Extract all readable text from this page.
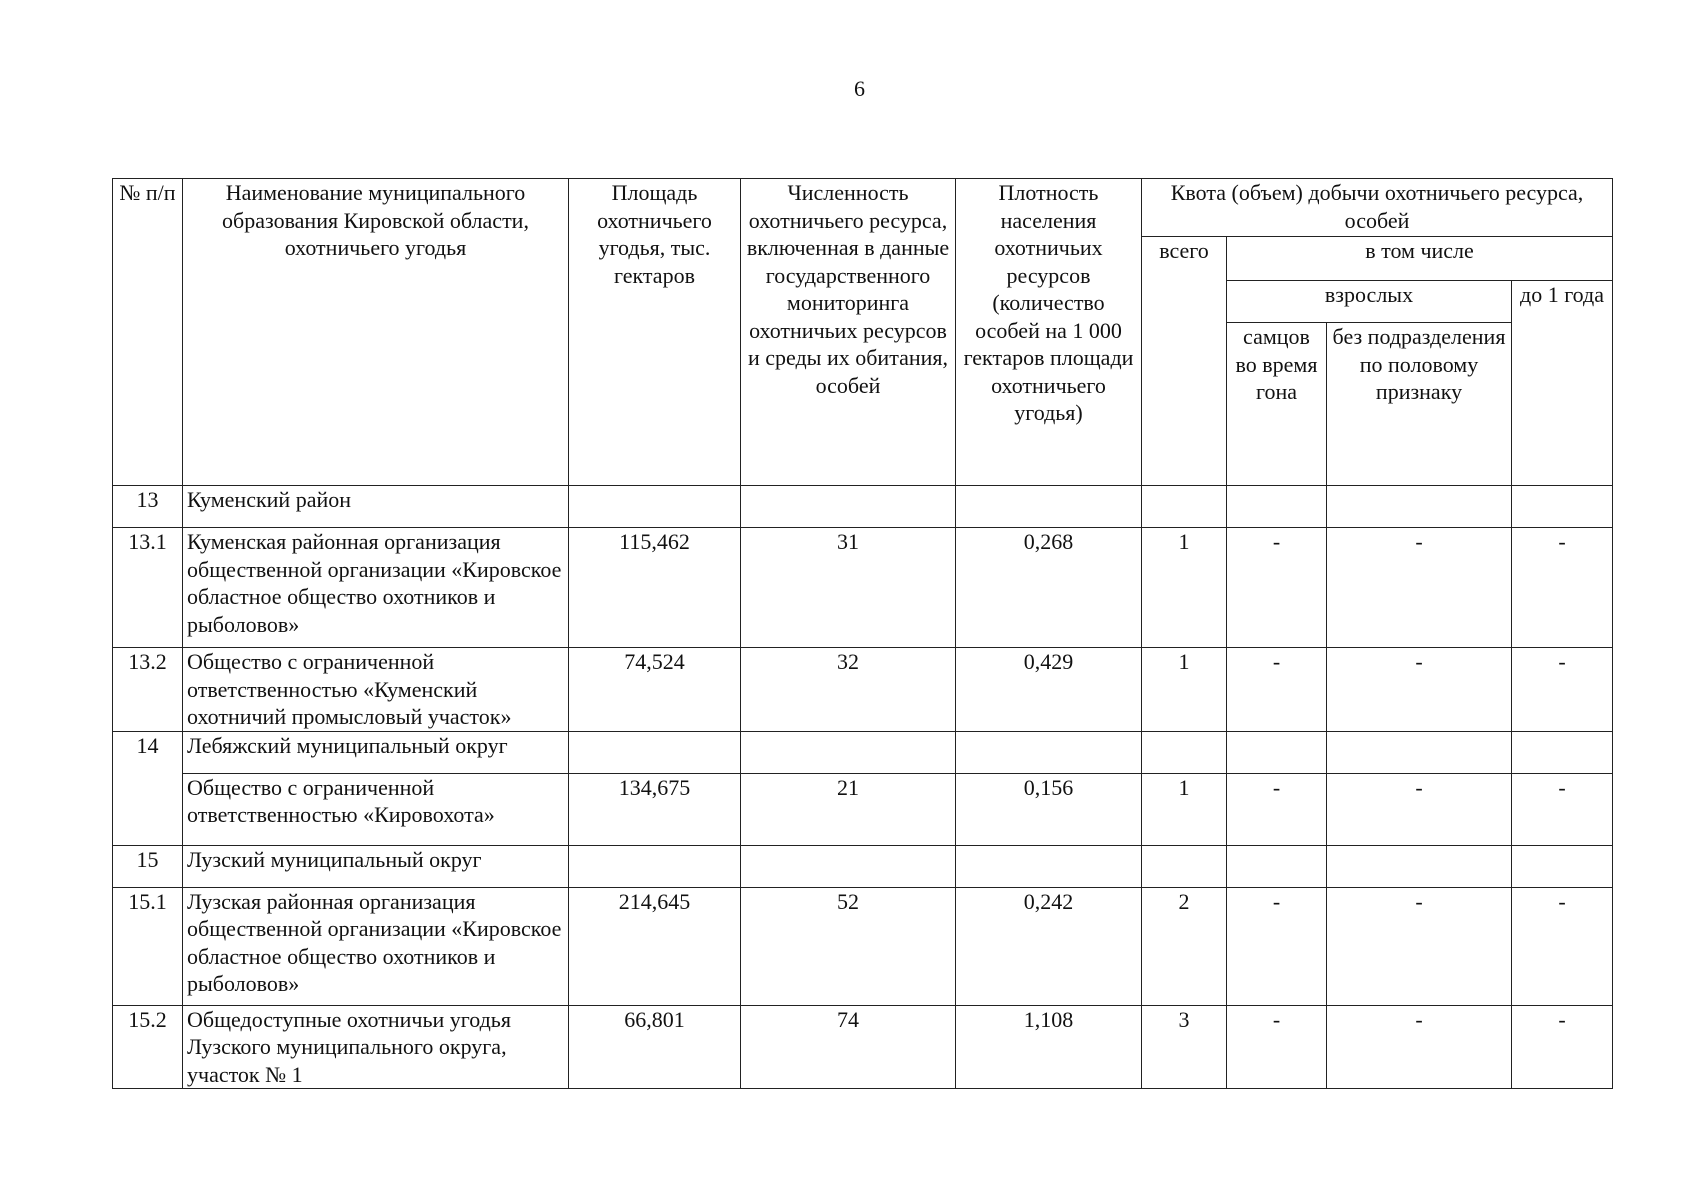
6
№ п/п	Наименование муниципального образования Кировской области, охотничьего угодья	Площадь охотничьего угодья, тыс. гектаров	Численность охотничьего ресурса, включенная в данные государственного мониторинга охотничьих ресурсов и среды их обитания, особей	Плотность населения охотничьих ресурсов (количество особей на 1 000 гектаров площади охотничьего угодья)	Квота (объем) добычи охотничьего ресурса, особей			
					всего	в том числе		
						взрослых		до 1 года
						самцов во время гона	без подразделения по половому признаку	
13	Куменский район							
13.1	Куменская районная организация общественной организации «Кировское областное общество охотников и рыболовов»	115,462	31	0,268	1	-	-	-
13.2	Общество с ограниченной ответственностью «Куменский охотничий промысловый участок»	74,524	32	0,429	1	-	-	-
14	Лебяжский муниципальный округ							
	Общество с ограниченной ответственностью «Кировохота»	134,675	21	0,156	1	-	-	-
15	Лузский муниципальный округ							
15.1	Лузская районная организация общественной организации «Кировское областное общество охотников и рыболовов»	214,645	52	0,242	2	-	-	-
15.2	Общедоступные охотничьи угодья Лузского муниципального округа, участок № 1	66,801	74	1,108	3	-	-	-
